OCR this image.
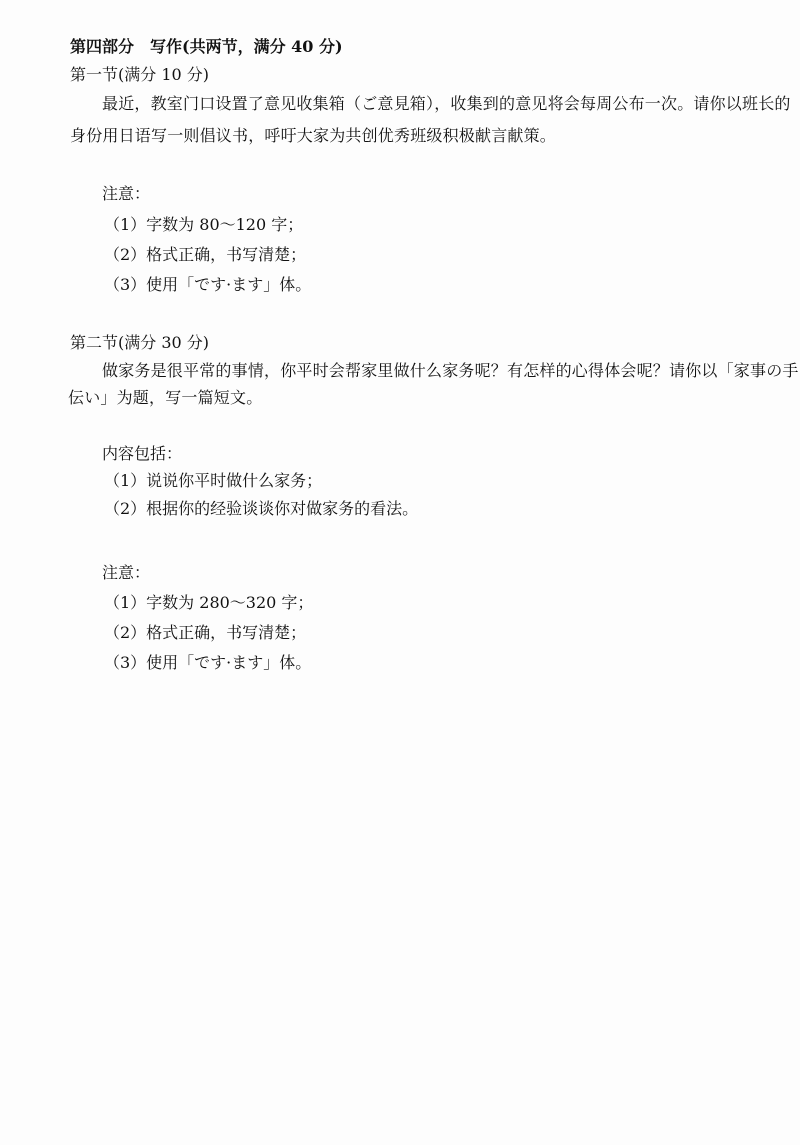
第四部分　写作(共两节，满分 40 分)
第一节(满分 10 分)
最近，教室门口设置了意见收集箱（ご意見箱），收集到的意见将会每周公布一次。请你以班长的
身份用日语写一则倡议书，呼吁大家为共创优秀班级积极献言献策。
注意：
（1）字数为 80～120 字；
（2）格式正确，书写清楚；
（3）使用「です·ます」体。
第二节(满分 30 分)
做家务是很平常的事情，你平时会帮家里做什么家务呢？有怎样的心得体会呢？请你以「家事の手
伝い」为题，写一篇短文。
内容包括：
（1）说说你平时做什么家务；
（2）根据你的经验谈谈你对做家务的看法。
注意：
（1）字数为 280～320 字；
（2）格式正确，书写清楚；
（3）使用「です·ます」体。
